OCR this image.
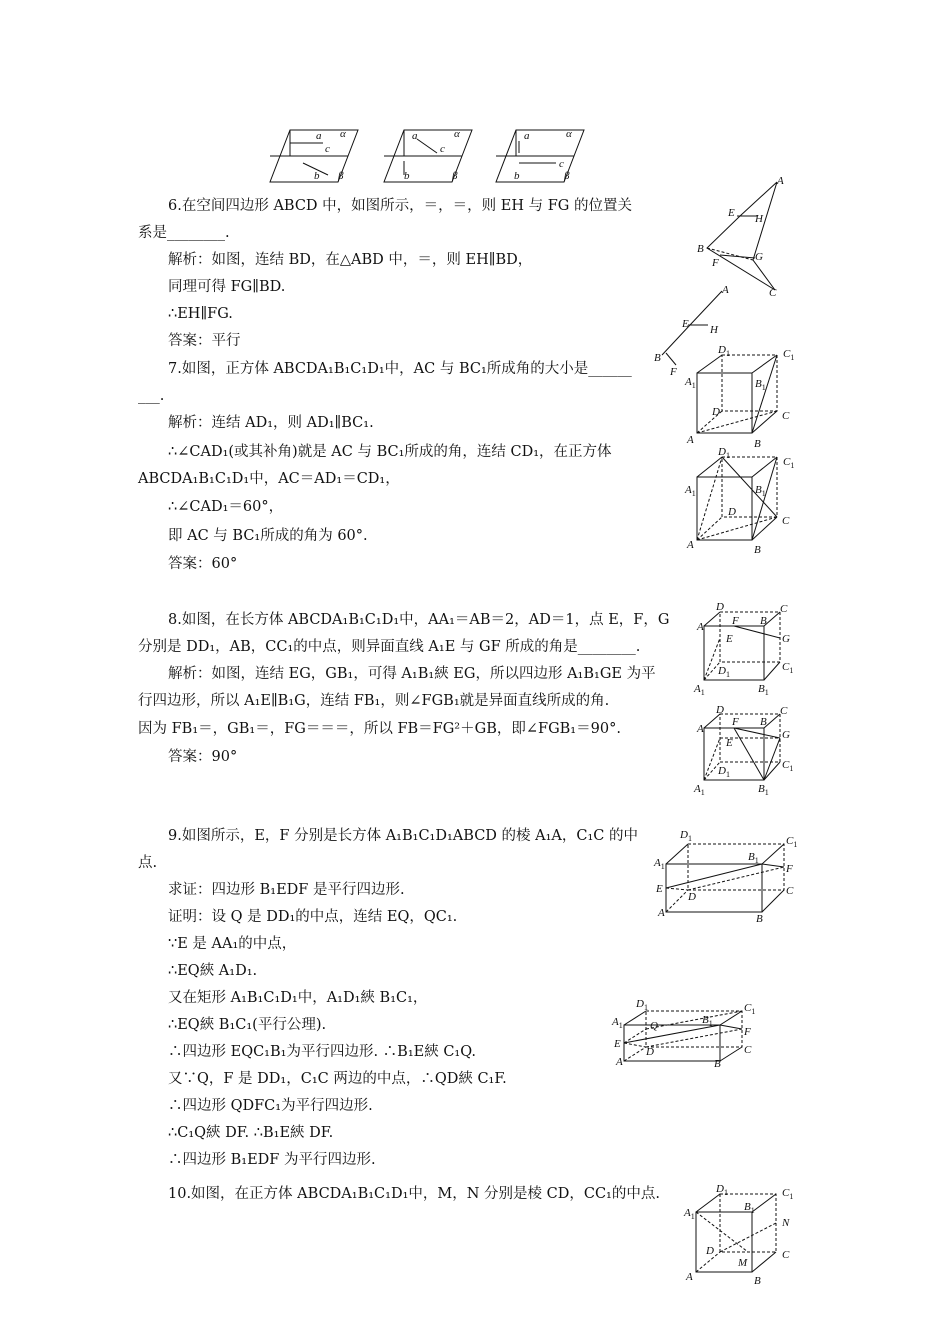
a α
c
b β
a	α
c
b	β
a	α
c
b	β
6.在空间四边形 ABCD 中，如图所示，＝，＝，则 EH 与 FG 的位置关
系是________.
解析：如图，连结 BD，在△ABD 中，＝，则 EH∥BD，
同理可得 FG∥BD.
∴EH∥FG.
答案：平行
A
E H
B
F	G
C
A
E H
B
F
7.如图，正方体 ABCDA₁B₁C₁D₁中，AC 与 BC₁所成角的大小是______
___.
解析：连结 AD₁，则 AD₁∥BC₁.
∴∠CAD₁(或其补角)就是 AC 与 BC₁所成的角，连结 CD₁，在正方体
ABCDA₁B₁C₁D₁中，AC＝AD₁＝CD₁，
∴∠CAD₁＝60°，
即 AC 与 BC₁所成的角为 60°.
答案：60°
$D_1$	$C_1$
$A_1$	$B_1$
D	C
A	B
$D_1$
$C_1$
$A_1$	$B_1$
D
C
A	B
8.如图，在长方体 ABCDA₁B₁C₁D₁中，AA₁＝AB＝2，AD＝1，点 E，F，G
分别是 DD₁，AB，CC₁的中点，则异面直线 A₁E 与 GF 所成的角是________.
解析：如图，连结 EG，GB₁，可得 A₁B₁綊 EG，所以四边形 A₁B₁GE 为平
行四边形，所以 A₁E∥B₁G，连结 FB₁，则∠FGB₁就是异面直线所成的角.
因为 FB₁＝，GB₁＝，FG＝＝＝，所以 FB＝FG²＋GB，即∠FGB₁＝90°.
答案：90°
D	C
A	F B
E	G
$C_1$
$D_1$
$A_1$	$B_1$
D	C
A
F B
E
G
$C_1$
$D_1$
$A_1$	$B_1$
9.如图所示，E，F 分别是长方体 A₁B₁C₁D₁ABCD 的棱 A₁A，C₁C 的中
点.
求证：四边形 B₁EDF 是平行四边形.
证明：设 Q 是 DD₁的中点，连结 EQ，QC₁.
∵E 是 AA₁的中点，
∴EQ綊 A₁D₁.
又在矩形 A₁B₁C₁D₁中，A₁D₁綊 B₁C₁，
∴EQ綊 B₁C₁(平行公理).
∴四边形 EQC₁B₁为平行四边形. ∴B₁E綊 C₁Q.
又∵Q，F 是 DD₁，C₁C 两边的中点，∴QD綊 C₁F.
∴四边形 QDFC₁为平行四边形.
∴C₁Q綊 DF. ∴B₁E綊 DF.
∴四边形 B₁EDF 为平行四边形.
$D_1$	$C_1$
$A_1$
$B_1$
F
E
D	C
A	B
$D_1$	$C_1$
$A_1$	$B_1$
Q	F
E
D	C
A	B
10.如图，在正方体 ABCDA₁B₁C₁D₁中，M，N 分别是棱 CD，CC₁的中点.	$D_1$	$C_1$
$A_1$
$B_1$
N
D	C
M
A	B
